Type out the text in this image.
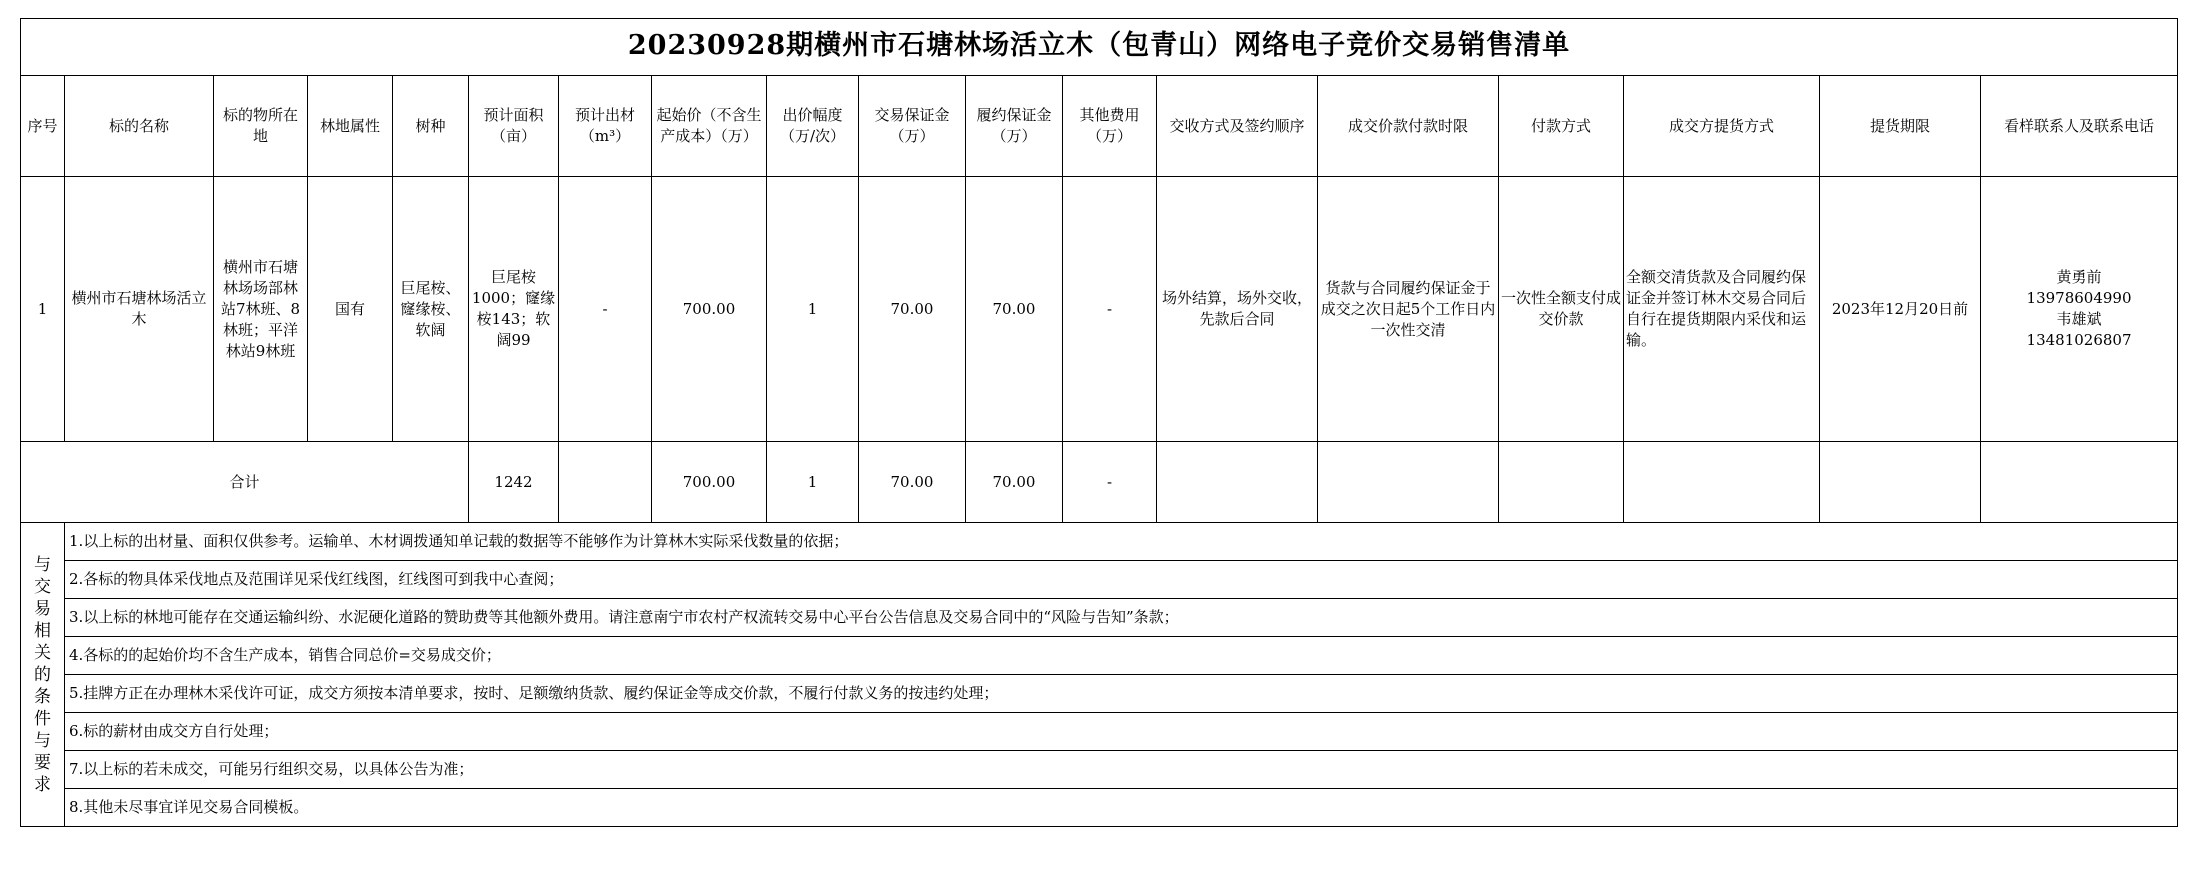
20230928期横州市石塘林场活立木（包青山）网络电子竞价交易销售清单																	
序号	标的名称	标的物所在地	林地属性	树种	预计面积（亩）	预计出材（m³）	起始价（不含生产成本）（万）	出价幅度（万/次）	交易保证金（万）	履约保证金（万）	其他费用（万）	交收方式及签约顺序	成交价款付款时限	付款方式	成交方提货方式	提货期限	看样联系人及联系电话
1	横州市石塘林场活立木	横州市石塘林场场部林站7林班、8林班；平洋林站9林班	国有	巨尾桉、窿缘桉、软阔	巨尾桉1000；窿缘桉143；软阔99	-	700.00	1	70.00	70.00	-	场外结算，场外交收，先款后合同	货款与合同履约保证金于成交之次日起5个工作日内一次性交清	一次性全额支付成交价款	全额交清货款及合同履约保证金并签订林木交易合同后自行在提货期限内采伐和运输。	2023年12月20日前	黄勇前
13978604990
韦雄斌
13481026807

合计					1242		700.00	1	70.00	70.00	-						
与交易相关的条件与要求	1.以上标的出材量、面积仅供参考。运输单、木材调拨通知单记载的数据等不能够作为计算林木实际采伐数量的依据；																
	2.各标的物具体采伐地点及范围详见采伐红线图，红线图可到我中心查阅；																
	3.以上标的林地可能存在交通运输纠纷、水泥硬化道路的赞助费等其他额外费用。请注意南宁市农村产权流转交易中心平台公告信息及交易合同中的“风险与告知”条款；																
	4.各标的的起始价均不含生产成本，销售合同总价=交易成交价；																
	5.挂牌方正在办理林木采伐许可证，成交方须按本清单要求，按时、足额缴纳货款、履约保证金等成交价款，不履行付款义务的按违约处理；																
	6.标的薪材由成交方自行处理；																
	7.以上标的若未成交，可能另行组织交易，以具体公告为准；																
	8.其他未尽事宜详见交易合同模板。																
